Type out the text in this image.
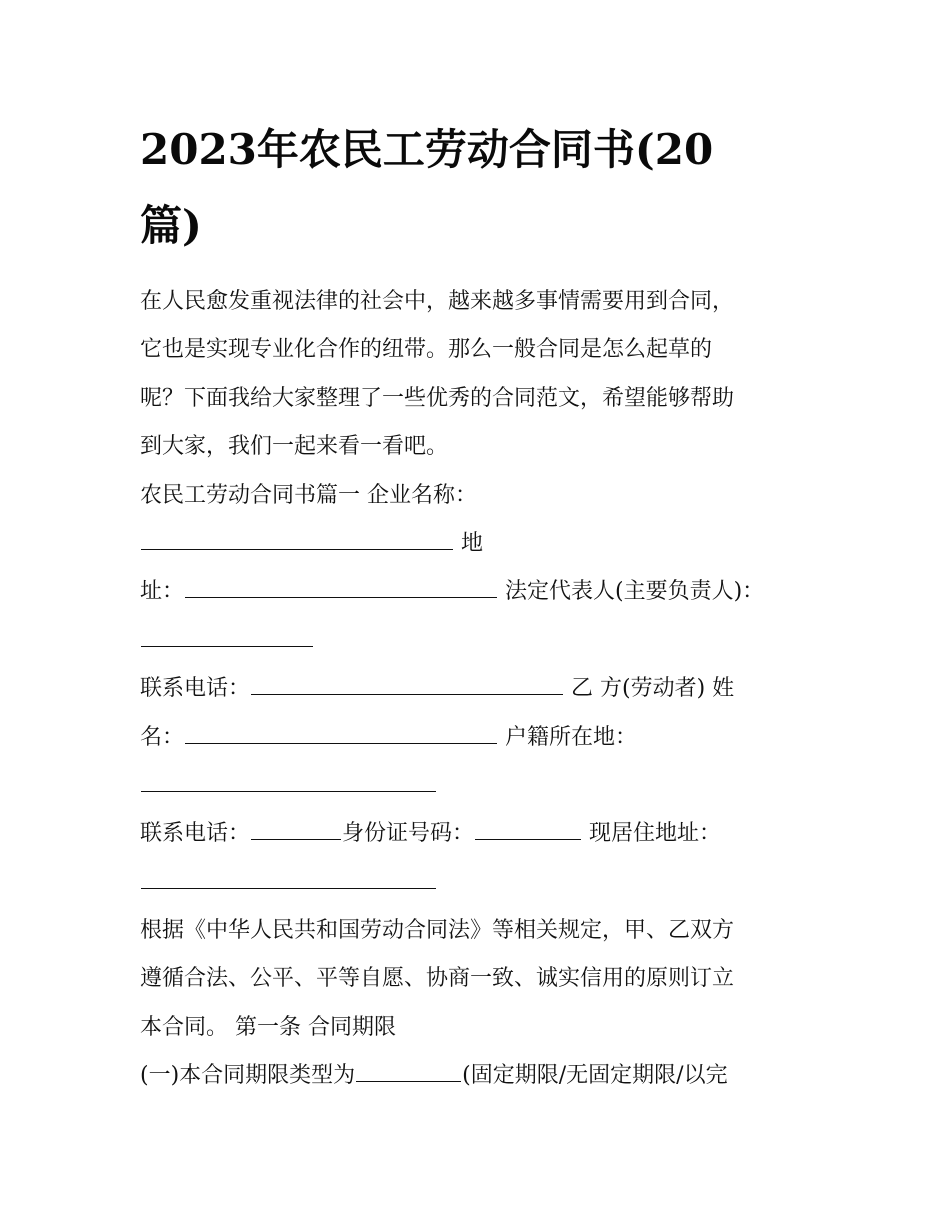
2023年农民工劳动合同书(20
篇)
在人民愈发重视法律的社会中，越来越多事情需要用到合同，
它也是实现专业化合作的纽带。那么一般合同是怎么起草的
呢？下面我给大家整理了一些优秀的合同范文，希望能够帮助
到大家，我们一起来看一看吧。
农民工劳动合同书篇一 企业名称：
地
址：	法定代表人(主要负责人)：
联系电话：	乙 方(劳动者) 姓
名：	户籍所在地：
联系电话：	身份证号码：	现居住地址：
根据《中华人民共和国劳动合同法》等相关规定，甲、乙双方
遵循合法、公平、平等自愿、协商一致、诚实信用的原则订立
本合同。 第一条 合同期限
(一)本合同期限类型为	(固定期限/无固定期限/以完
